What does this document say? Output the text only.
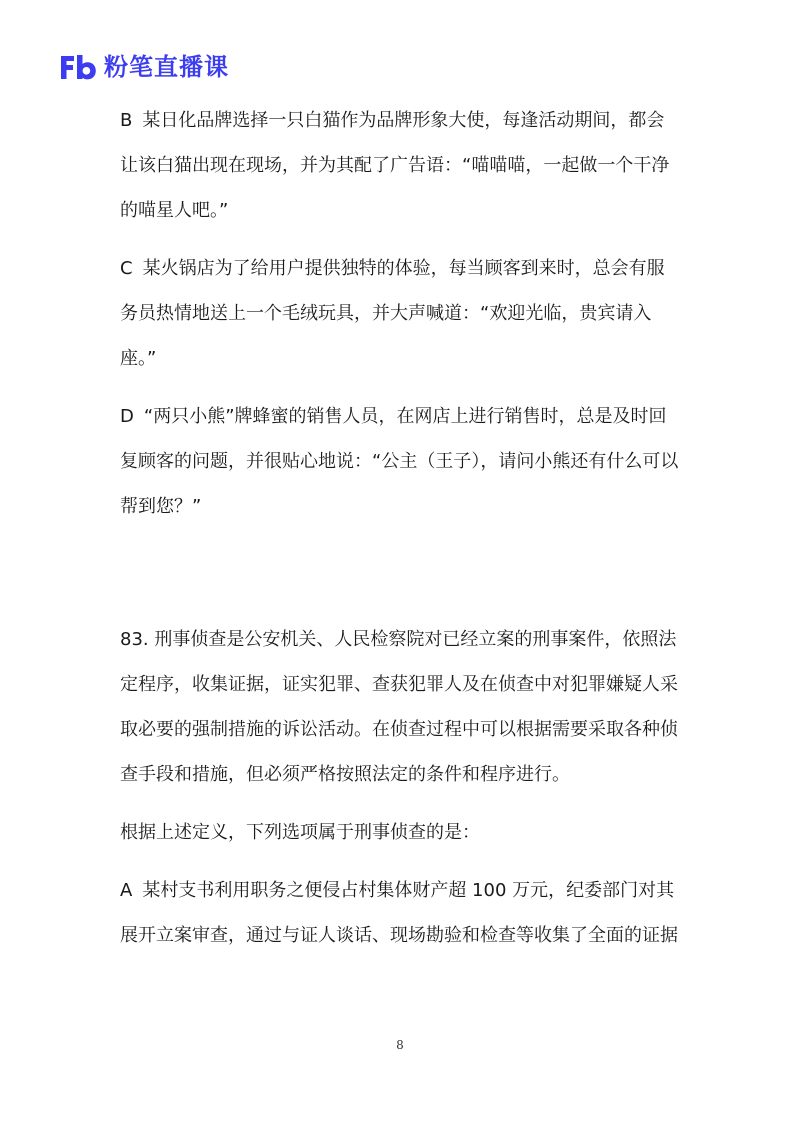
粉笔直播课

B 某日化品牌选择一只白猫作为品牌形象大使，每逢活动期间，都会让该白猫出现在现场，并为其配了广告语：“喵喵喵，一起做一个干净的喵星人吧。”

C 某火锅店为了给用户提供独特的体验，每当顾客到来时，总会有服务员热情地送上一个毛绒玩具，并大声喊道：“欢迎光临，贵宾请入座。”

D “两只小熊”牌蜂蜜的销售人员，在网店上进行销售时，总是及时回复顾客的问题，并很贴心地说：“公主（王子），请问小熊还有什么可以帮到您？”

83. 刑事侦查是公安机关、人民检察院对已经立案的刑事案件，依照法定程序，收集证据，证实犯罪、查获犯罪人及在侦查中对犯罪嫌疑人采取必要的强制措施的诉讼活动。在侦查过程中可以根据需要采取各种侦查手段和措施，但必须严格按照法定的条件和程序进行。

根据上述定义，下列选项属于刑事侦查的是：

A 某村支书利用职务之便侵占村集体财产超 100 万元，纪委部门对其展开立案审查，通过与证人谈话、现场勘验和检查等收集了全面的证据

8
